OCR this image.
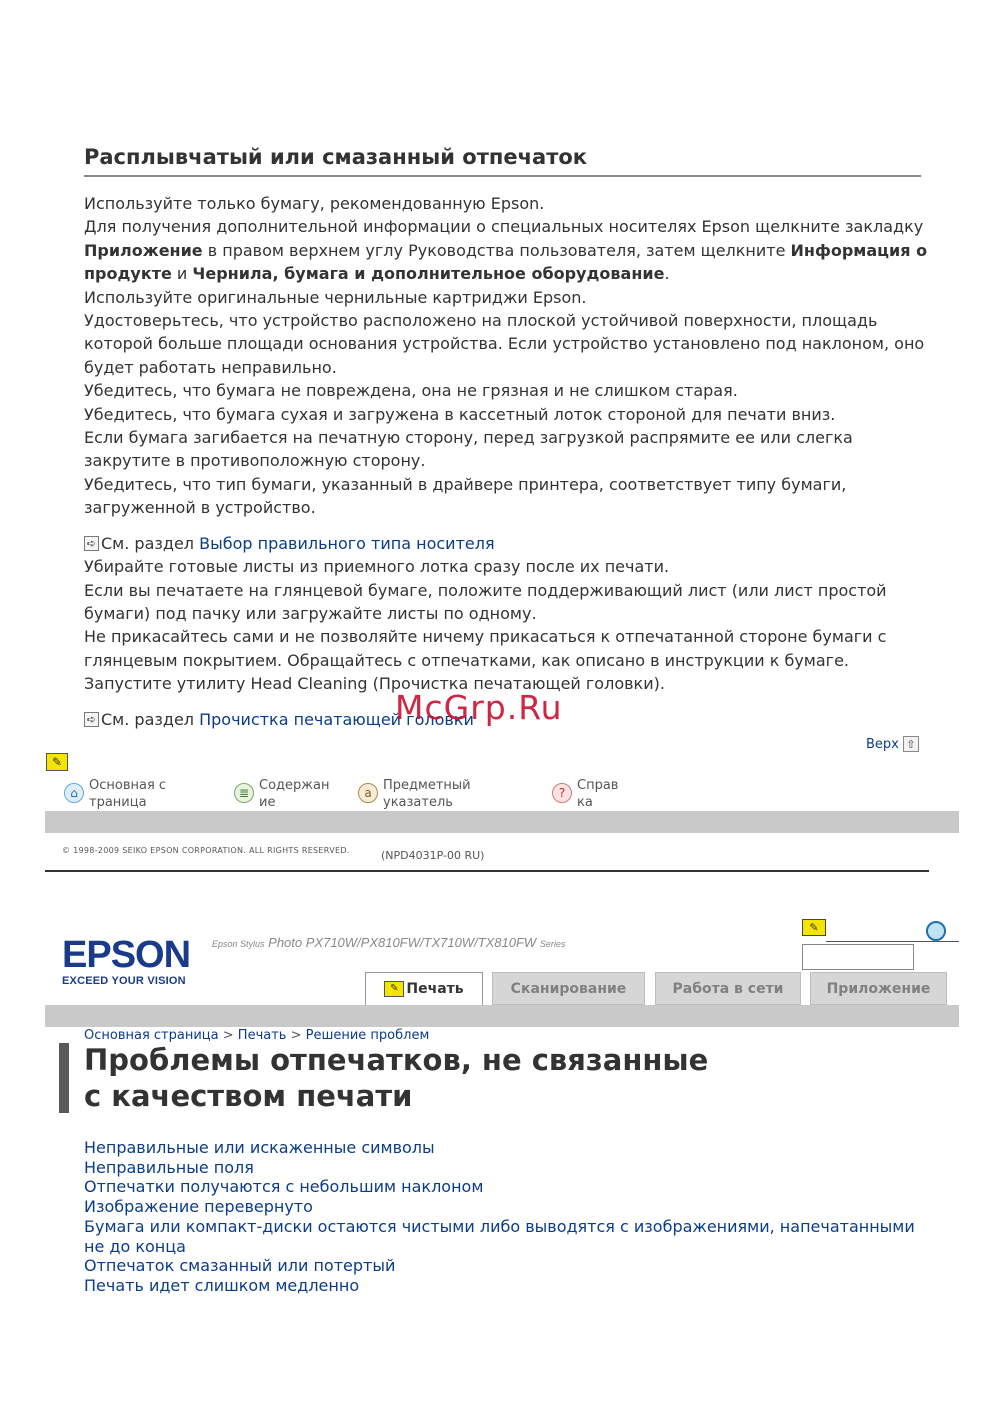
Расплывчатый или смазанный отпечаток

Используйте только бумагу, рекомендованную Epson.

Для получения дополнительной информации о специальных носителях Epson щелкните закладку Приложение в правом верхнем углу Руководства пользователя, затем щелкните Информация о продукте и Чернила, бумага и дополнительное оборудование.

Используйте оригинальные чернильные картриджи Epson.

Удостоверьтесь, что устройство расположено на плоской устойчивой поверхности, площадь которой больше площади основания устройства. Если устройство установлено под наклоном, оно будет работать неправильно.

Убедитесь, что бумага не повреждена, она не грязная и не слишком старая.

Убедитесь, что бумага сухая и загружена в кассетный лоток стороной для печати вниз.

Если бумага загибается на печатную сторону, перед загрузкой распрямите ее или слегка закрутите в противоположную сторону.

Убедитесь, что тип бумаги, указанный в драйвере принтера, соответствует типу бумаги, загруженной в устройство.

➪ См. раздел
Выбор правильного типа носителя

Убирайте готовые листы из приемного лотка сразу после их печати.

Если вы печатаете на глянцевой бумаге, положите поддерживающий лист (или лист простой бумаги) под пачку или загружайте листы по одному.

Не прикасайтесь сами и не позволяйте ничему прикасаться к отпечатанной стороне бумаги с глянцевым покрытием. Обращайтесь с отпечатками, как описано в инструкции к бумаге.

Запустите утилиту Head Cleaning (Прочистка печатающей головки).

➪ См. раздел
Прочистка печатающей головки

McGrp.Ru
Верх ⇧
✎
⌂ Основная страница
≣ Содержание
a Предметный указатель
? Справка
© 1998-2009 SEIKO EPSON CORPORATION. ALL RIGHTS RESERVED.	(NPD4031P-00 RU)
EPSON
EXCEED YOUR VISION
Epson Stylus Photo PX710W/PX810FW/TX710W/TX810FW Series
✎
✎ Печать	Сканирование	Работа в сети	Приложение
Основная страница > Печать > Решение проблем
Проблемы отпечатков, не связанные
с качеством печати
Неправильные или искаженные символы
Неправильные поля
Отпечатки получаются с небольшим наклоном
Изображение перевернуто
Бумага или компакт-диски остаются чистыми либо выводятся с изображениями, напечатанными не до конца
Отпечаток смазанный или потертый
Печать идет слишком медленно
